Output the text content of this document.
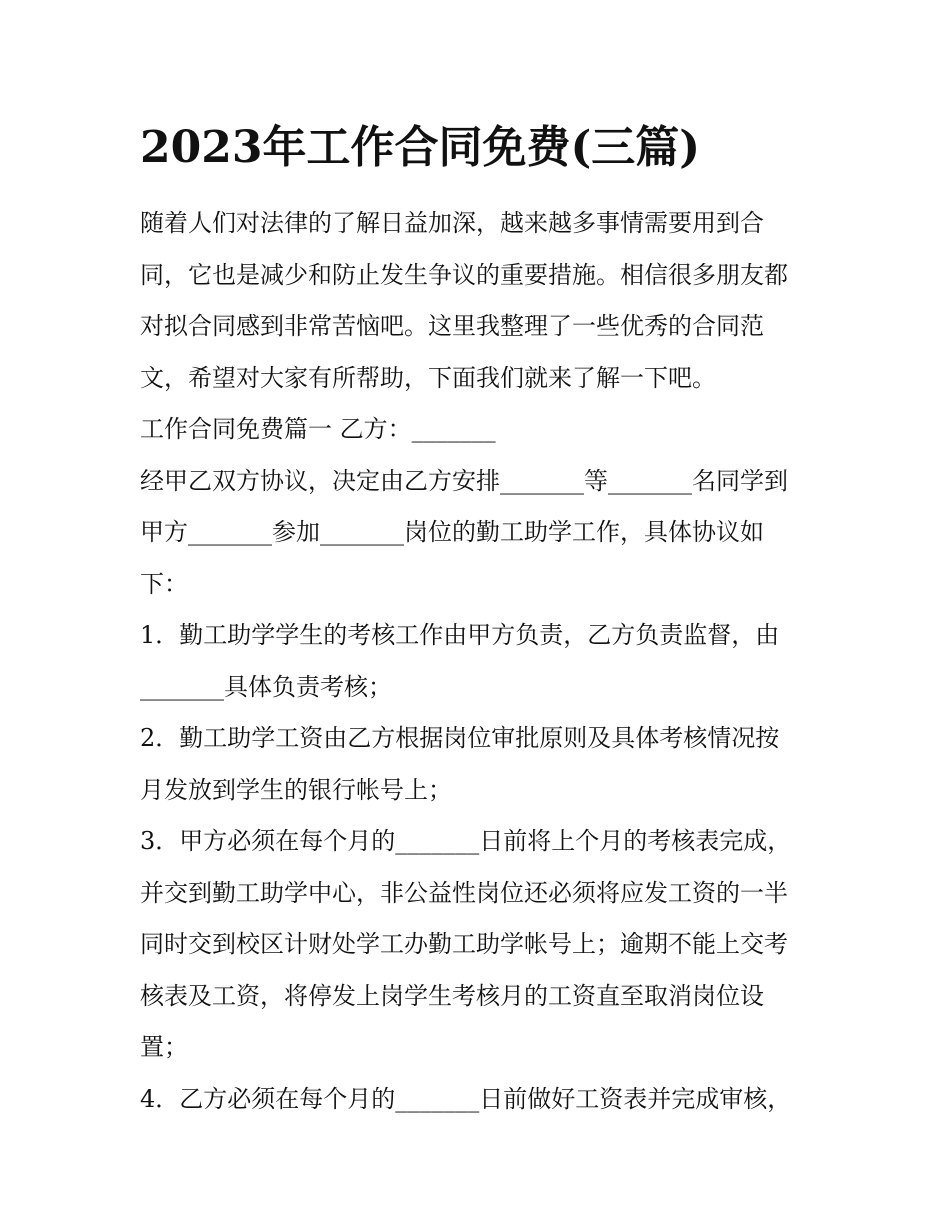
2023年工作合同免费(三篇)
随着人们对法律的了解日益加深，越来越多事情需要用到合
同，它也是减少和防止发生争议的重要措施。相信很多朋友都
对拟合同感到非常苦恼吧。这里我整理了一些优秀的合同范
文，希望对大家有所帮助，下面我们就来了解一下吧。
工作合同免费篇一 乙方：_______
经甲乙双方协议，决定由乙方安排_______等_______名同学到
甲方_______参加_______岗位的勤工助学工作，具体协议如
下：
1．勤工助学学生的考核工作由甲方负责，乙方负责监督，由
_______具体负责考核；
2．勤工助学工资由乙方根据岗位审批原则及具体考核情况按
月发放到学生的银行帐号上；
3．甲方必须在每个月的_______日前将上个月的考核表完成，
并交到勤工助学中心，非公益性岗位还必须将应发工资的一半
同时交到校区计财处学工办勤工助学帐号上；逾期不能上交考
核表及工资，将停发上岗学生考核月的工资直至取消岗位设
置；
4．乙方必须在每个月的_______日前做好工资表并完成审核，
